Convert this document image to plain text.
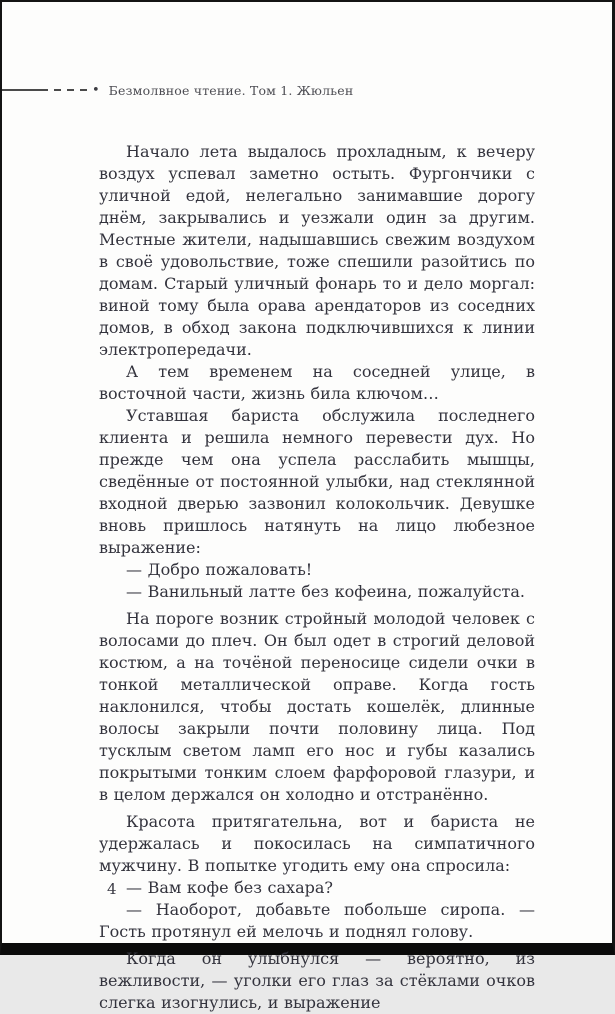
• Безмолвное чтение. Том 1. Жюльен

Начало лета выдалось прохладным, к вечеру воздух успевал заметно остыть. Фургончики с уличной едой, нелегально занимавшие дорогу днём, закрывались и уезжали один за другим. Местные жители, надышавшись свежим воздухом в своё удовольствие, тоже спешили разойтись по домам. Старый уличный фонарь то и дело моргал: виной тому была орава арендаторов из соседних домов, в обход закона подключившихся к линии электропередачи.

А тем временем на соседней улице, в восточной части, жизнь била ключом…

Уставшая бариста обслужила последнего клиента и решила немного перевести дух. Но прежде чем она успела расслабить мышцы, сведённые от постоянной улыбки, над стеклянной входной дверью зазвонил колокольчик. Девушке вновь пришлось натянуть на лицо любезное выражение:

— Добро пожаловать!

— Ванильный латте без кофеина, пожалуйста.

На пороге возник стройный молодой человек с волосами до плеч. Он был одет в строгий деловой костюм, а на точёной переносице сидели очки в тонкой металлической оправе. Когда гость наклонился, чтобы достать кошелёк, длинные волосы закрыли почти половину лица. Под тусклым светом ламп его нос и губы казались покрытыми тонким слоем фарфоровой глазури, и в целом держался он холодно и отстранённо.

Красота притягательна, вот и бариста не удержалась и покосилась на симпатичного мужчину. В попытке угодить ему она спросила:

— Вам кофе без сахара?

— Наоборот, добавьте побольше сиропа. — Гость протянул ей мелочь и поднял голову.

Когда он улыбнулся — вероятно, из вежливости, — уголки его глаз за стёклами очков слегка изогнулись, и выражение

4
